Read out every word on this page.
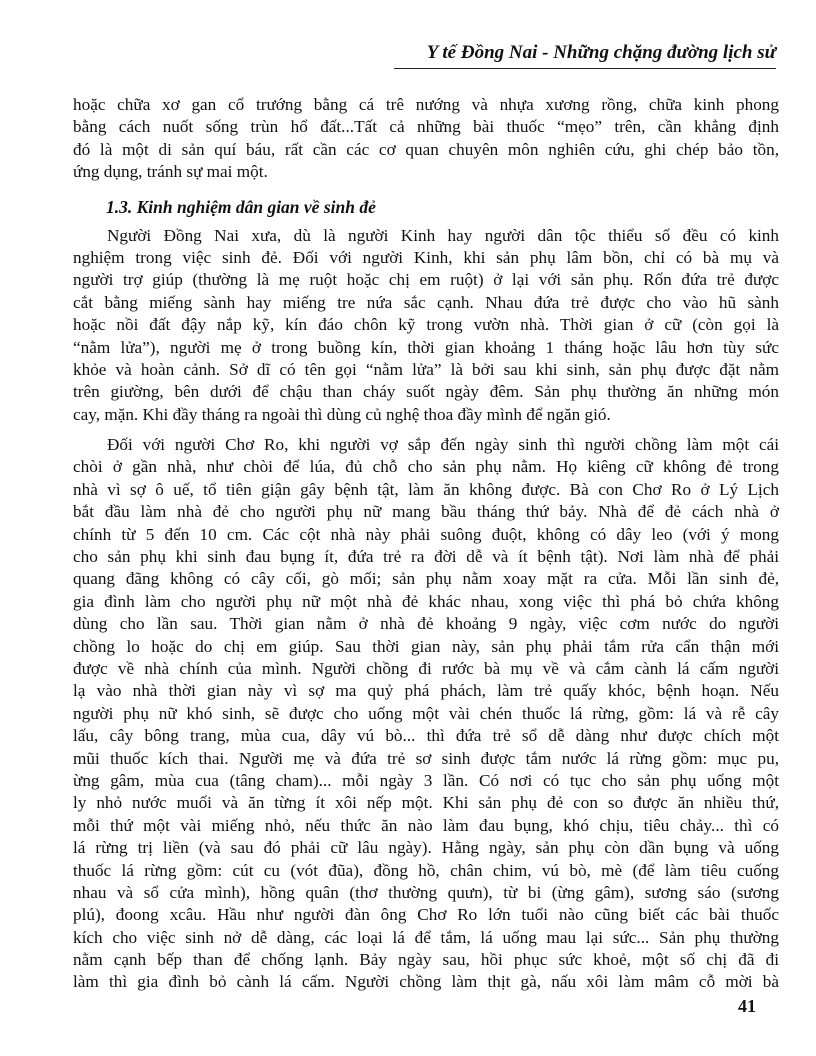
Y tế Đồng Nai - Những chặng đường lịch sử
hoặc chữa xơ gan cổ trướng bằng cá trê nướng và nhựa xương rồng, chữa kinh phong
bằng cách nuốt sống trùn hổ đất...Tất cả những bài thuốc “mẹo” trên, cần khẳng định
đó là một di sản quí báu, rất cần các cơ quan chuyên môn nghiên cứu, ghi chép bảo tồn,
ứng dụng, tránh sự mai một.
1.3. Kinh nghiệm dân gian về sinh đẻ
Người Đồng Nai xưa, dù là người Kinh hay người dân tộc thiểu số đều có kinh
nghiệm trong việc sinh đẻ. Đối với người Kinh, khi sản phụ lâm bồn, chỉ có bà mụ và
người trợ giúp (thường là mẹ ruột hoặc chị em ruột) ở lại với sản phụ. Rốn đứa trẻ được
cắt bằng miếng sành hay miếng tre nứa sắc cạnh. Nhau đứa trẻ được cho vào hũ sành
hoặc nồi đất đậy nắp kỹ, kín đáo chôn kỹ trong vườn nhà. Thời gian ở cữ (còn gọi là
“nằm lửa”), người mẹ ở trong buồng kín, thời gian khoảng 1 tháng hoặc lâu hơn tùy sức
khỏe và hoàn cảnh. Sở dĩ có tên gọi “nằm lửa” là bởi sau khi sinh, sản phụ được đặt nằm
trên giường, bên dưới để chậu than cháy suốt ngày đêm. Sản phụ thường ăn những món
cay, mặn. Khi đầy tháng ra ngoài thì dùng củ nghệ thoa đầy mình để ngăn gió.
Đối với người Chơ Ro, khi người vợ sắp đến ngày sinh thì người chồng làm một cái
chòi ở gần nhà, như chòi để lúa, đủ chỗ cho sản phụ nằm. Họ kiêng cữ không đẻ trong
nhà vì sợ ô uế, tổ tiên giận gây bệnh tật, làm ăn không được. Bà con Chơ Ro ở Lý Lịch
bắt đầu làm nhà đẻ cho người phụ nữ mang bầu tháng thứ bảy. Nhà để đẻ cách nhà ở
chính từ 5 đến 10 cm. Các cột nhà này phải suông đuột, không có dây leo (với ý mong
cho sản phụ khi sinh đau bụng ít, đứa trẻ ra đời dễ và ít bệnh tật). Nơi làm nhà để phải
quang đãng không có cây cối, gò mối; sản phụ nằm xoay mặt ra cửa. Mỗi lần sinh đẻ,
gia đình làm cho người phụ nữ một nhà đẻ khác nhau, xong việc thì phá bỏ chứa không
dùng cho lần sau. Thời gian nằm ở nhà đẻ khoảng 9 ngày, việc cơm nước do người
chồng lo hoặc do chị em giúp. Sau thời gian này, sản phụ phải tắm rửa cẩn thận mới
được về nhà chính của mình. Người chồng đi rước bà mụ về và cắm cành lá cấm người
lạ vào nhà thời gian này vì sợ ma quỷ phá phách, làm trẻ quấy khóc, bệnh hoạn. Nếu
người phụ nữ khó sinh, sẽ được cho uống một vài chén thuốc lá rừng, gồm: lá và rễ cây
lấu, cây bông trang, mùa cua, dây vú bò... thì đứa trẻ sổ dễ dàng như được chích một
mũi thuốc kích thai. Người mẹ và đứa trẻ sơ sinh được tắm nước lá rừng gồm: mục pu,
ừng gâm, mùa cua (tâng cham)... mỗi ngày 3 lần. Có nơi có tục cho sản phụ uống một
ly nhỏ nước muối và ăn từng ít xôi nếp một. Khi sản phụ đẻ con so được ăn nhiều thứ,
mỗi thứ một vài miếng nhỏ, nếu thức ăn nào làm đau bụng, khó chịu, tiêu chảy... thì có
lá rừng trị liền (và sau đó phải cữ lâu ngày). Hằng ngày, sản phụ còn dần bụng và uống
thuốc lá rừng gồm: cút cu (vót đũa), đồng hồ, chân chim, vú bò, mè (để làm tiêu cuống
nhau và sổ cửa mình), hồng quân (thơ thường quưn), từ bi (ừng gâm), sương sáo (sương
plú), đoong xcâu. Hầu như người đàn ông Chơ Ro lớn tuổi nào cũng biết các bài thuốc
kích cho việc sinh nở dễ dàng, các loại lá để tắm, lá uống mau lại sức... Sản phụ thường
nằm cạnh bếp than để chống lạnh. Bảy ngày sau, hồi phục sức khoẻ, một số chị đã đi
làm thì gia đình bỏ cành lá cấm. Người chồng làm thịt gà, nấu xôi làm mâm cỗ mời bà
41
